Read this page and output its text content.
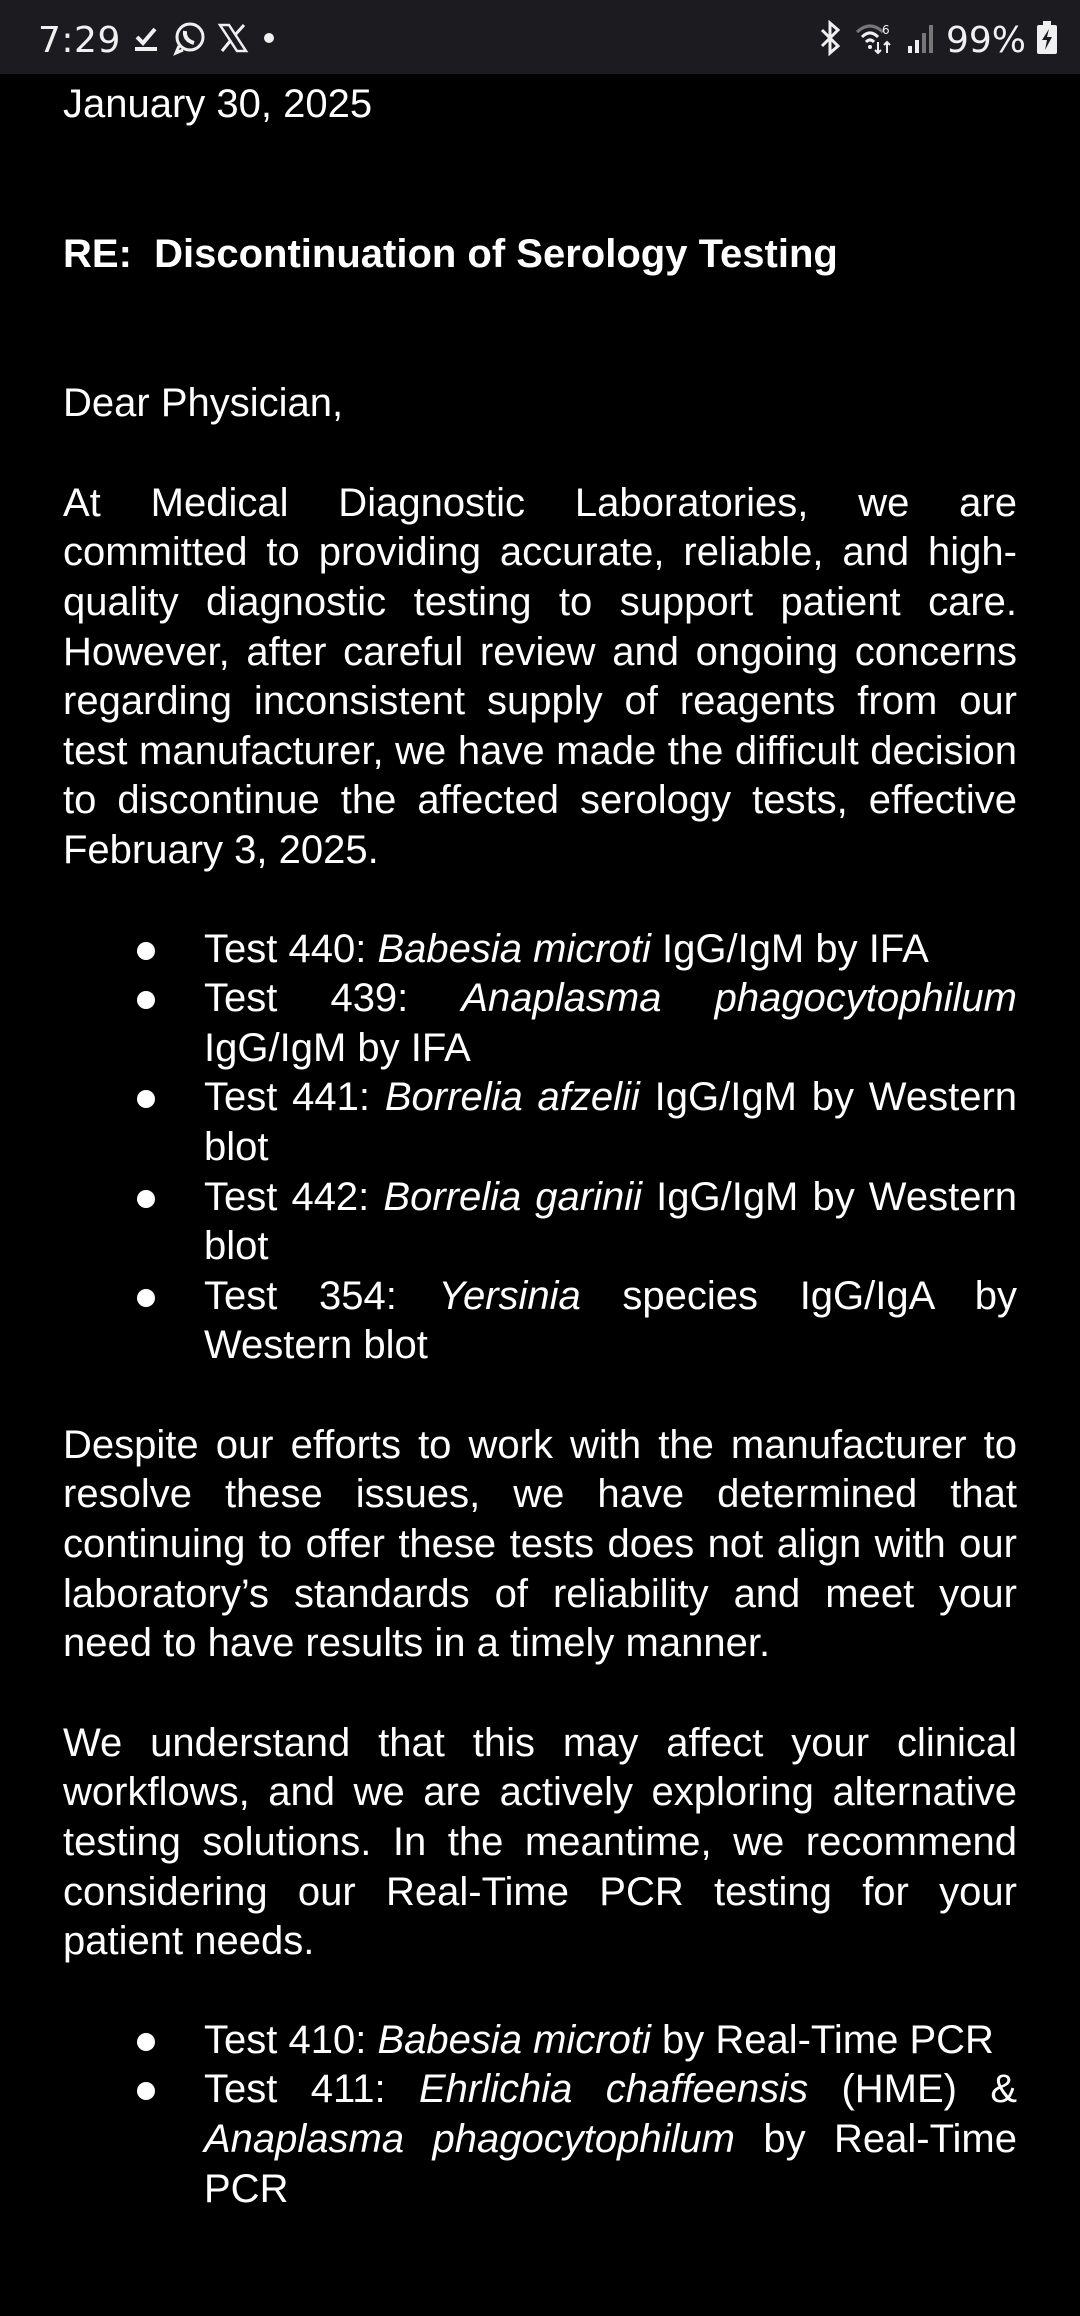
7:29	6 99%
January 30, 2025
RE:  Discontinuation of Serology Testing
Dear Physician,

At Medical Diagnostic Laboratories, we are committed to providing accurate, reliable, and high-quality diagnostic testing to support patient care. However, after careful review and ongoing concerns regarding inconsistent supply of reagents from our test manufacturer, we have made the difficult decision to discontinue the affected serology tests, effective February 3, 2025.

Test 440: Babesia microti IgG/IgM by IFA
Test 439: Anaplasma phagocytophilum IgG/IgM by IFA
Test 441: Borrelia afzelii IgG/IgM by Western blot
Test 442: Borrelia garinii IgG/IgM by Western blot
Test 354: Yersinia species IgG/IgA by Western blot

Despite our efforts to work with the manufacturer to resolve these issues, we have determined that continuing to offer these tests does not align with our laboratory’s standards of reliability and meet your need to have results in a timely manner.

We understand that this may affect your clinical workflows, and we are actively exploring alternative testing solutions. In the meantime, we recommend considering our Real-Time PCR testing for your patient needs.

Test 410: Babesia microti by Real-Time PCR
Test 411: Ehrlichia chaffeensis (HME) & Anaplasma phagocytophilum by Real-Time PCR
